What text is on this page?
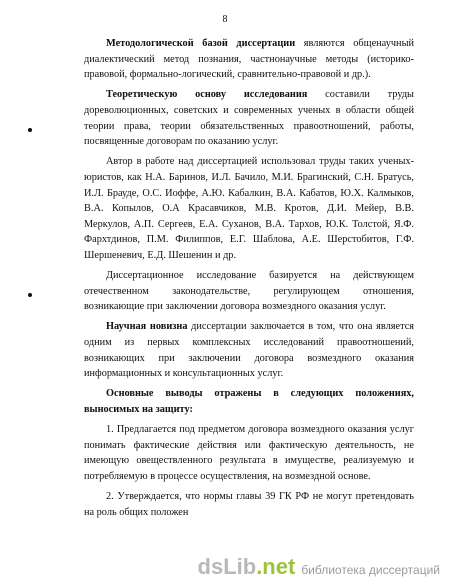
8

Методологической базой диссертации являются общенаучный диалектический метод познания, частнонаучные методы (историко-правовой, формально-логический, сравнительно-правовой и др.).

Теоретическую основу исследования составили труды дореволюционных, советских и современных ученых в области общей теории права, теории обязательственных правоотношений, работы, посвященные договорам по оказанию услуг.

Автор в работе над диссертацией использовал труды таких ученых-юристов, как Н.А. Баринов, И.Л. Бачило, М.И. Брагинский, С.Н. Братусь, И.Л. Брауде, О.С. Иоффе, А.Ю. Кабалкин, В.А. Кабатов, Ю.Х. Калмыков, В.А. Копылов, О.А Красавчиков, М.В. Кротов, Д.И. Мейер, В.В. Меркулов, А.П. Сергеев, Е.А. Суханов, В.А. Тархов, Ю.К. Толстой, Я.Ф. Фархтдинов, П.М. Филиппов, Е.Г. Шаблова, А.Е. Шерстобитов, Г.Ф. Шершеневич, Е.Д. Шешенин и др.

Диссертационное исследование базируется на действующем отечественном законодательстве, регулирующем отношения, возникающие при заключении договора возмездного оказания услуг.

Научная новизна диссертации заключается в том, что она является одним из первых комплексных исследований правоотношений, возникающих при заключении договора возмездного оказания информационных и консультационных услуг.

Основные выводы отражены в следующих положениях, выносимых на защиту:

1. Предлагается под предметом договора возмездного оказания услуг понимать фактические действия или фактическую деятельность, не имеющую овеществленного результата в имуществе, реализуемую и потребляемую в процессе осуществления, на возмездной основе.

2. Утверждается, что нормы главы 39 ГК РФ не могут претендовать на роль общих положен

dsLib.net библиотека диссертаций
